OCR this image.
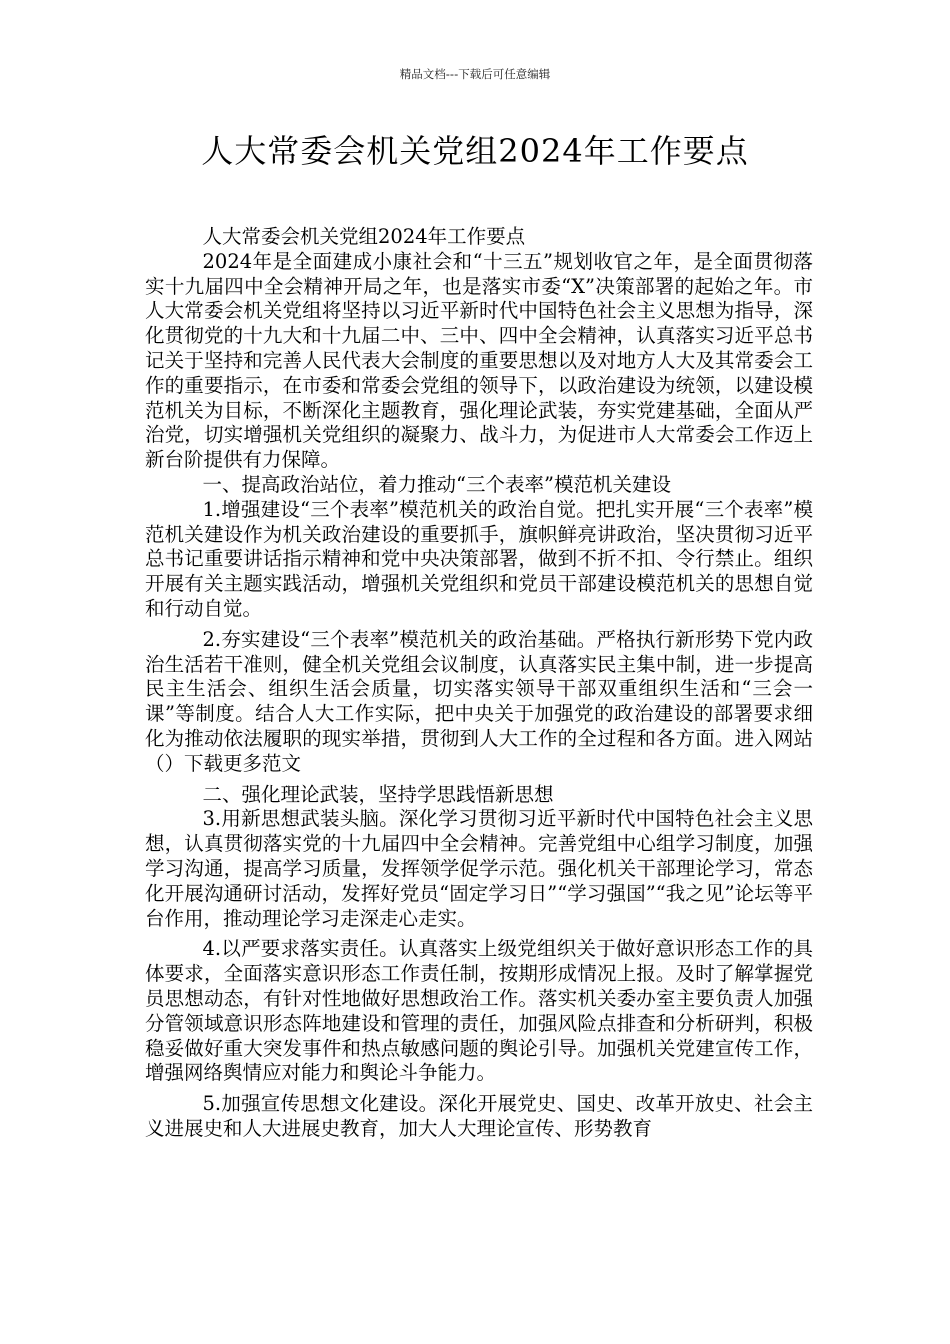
精品文档---下载后可任意编辑
人大常委会机关党组2024年工作要点

人大常委会机关党组2024年工作要点

2024年是全面建成小康社会和“十三五”规划收官之年，是全面贯彻落实十九届四中全会精神开局之年，也是落实市委“X”决策部署的起始之年。市人大常委会机关党组将坚持以习近平新时代中国特色社会主义思想为指导，深化贯彻党的十九大和十九届二中、三中、四中全会精神，认真落实习近平总书记关于坚持和完善人民代表大会制度的重要思想以及对地方人大及其常委会工作的重要指示，在市委和常委会党组的领导下，以政治建设为统领，以建设模范机关为目标，不断深化主题教育，强化理论武装，夯实党建基础，全面从严治党，切实增强机关党组织的凝聚力、战斗力，为促进市人大常委会工作迈上新台阶提供有力保障。

一、提高政治站位，着力推动“三个表率”模范机关建设

1.增强建设“三个表率”模范机关的政治自觉。把扎实开展“三个表率”模范机关建设作为机关政治建设的重要抓手，旗帜鲜亮讲政治，坚决贯彻习近平总书记重要讲话指示精神和党中央决策部署，做到不折不扣、令行禁止。组织开展有关主题实践活动，增强机关党组织和党员干部建设模范机关的思想自觉和行动自觉。

2.夯实建设“三个表率”模范机关的政治基础。严格执行新形势下党内政治生活若干准则，健全机关党组会议制度，认真落实民主集中制，进一步提高民主生活会、组织生活会质量，切实落实领导干部双重组织生活和“三会一课”等制度。结合人大工作实际，把中央关于加强党的政治建设的部署要求细化为推动依法履职的现实举措，贯彻到人大工作的全过程和各方面。进入网站（）下载更多范文

二、强化理论武装，坚持学思践悟新思想

3.用新思想武装头脑。深化学习贯彻习近平新时代中国特色社会主义思想，认真贯彻落实党的十九届四中全会精神。完善党组中心组学习制度，加强学习沟通，提高学习质量，发挥领学促学示范。强化机关干部理论学习，常态化开展沟通研讨活动，发挥好党员“固定学习日”“学习强国”“我之见”论坛等平台作用，推动理论学习走深走心走实。

4.以严要求落实责任。认真落实上级党组织关于做好意识形态工作的具体要求，全面落实意识形态工作责任制，按期形成情况上报。及时了解掌握党员思想动态，有针对性地做好思想政治工作。落实机关委办室主要负责人加强分管领域意识形态阵地建设和管理的责任，加强风险点排查和分析研判，积极稳妥做好重大突发事件和热点敏感问题的舆论引导。加强机关党建宣传工作，增强网络舆情应对能力和舆论斗争能力。

5.加强宣传思想文化建设。深化开展党史、国史、改革开放史、社会主义进展史和人大进展史教育，加大人大理论宣传、形势教育
